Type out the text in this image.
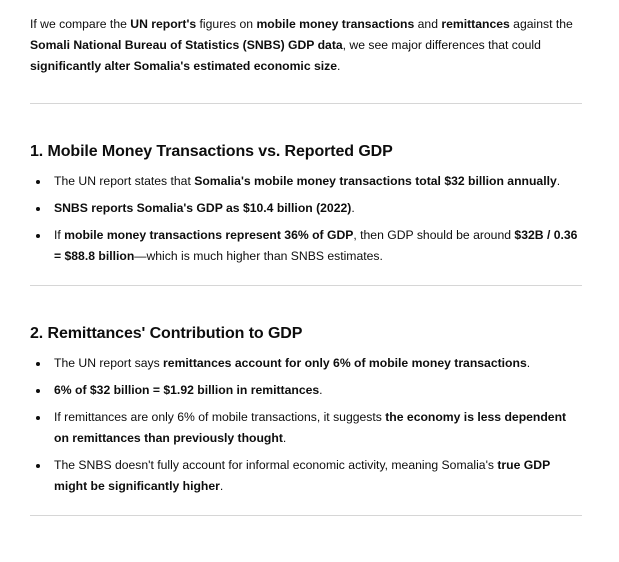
If we compare the UN report's figures on mobile money transactions and remittances against the Somali National Bureau of Statistics (SNBS) GDP data, we see major differences that could significantly alter Somalia's estimated economic size.

1. Mobile Money Transactions vs. Reported GDP
The UN report states that Somalia's mobile money transactions total $32 billion annually.
SNBS reports Somalia's GDP as $10.4 billion (2022).
If mobile money transactions represent 36% of GDP, then GDP should be around $32B / 0.36 = $88.8 billion—which is much higher than SNBS estimates.
2. Remittances' Contribution to GDP
The UN report says remittances account for only 6% of mobile money transactions.
6% of $32 billion = $1.92 billion in remittances.
If remittances are only 6% of mobile transactions, it suggests the economy is less dependent on remittances than previously thought.
The SNBS doesn't fully account for informal economic activity, meaning Somalia's true GDP might be significantly higher.
